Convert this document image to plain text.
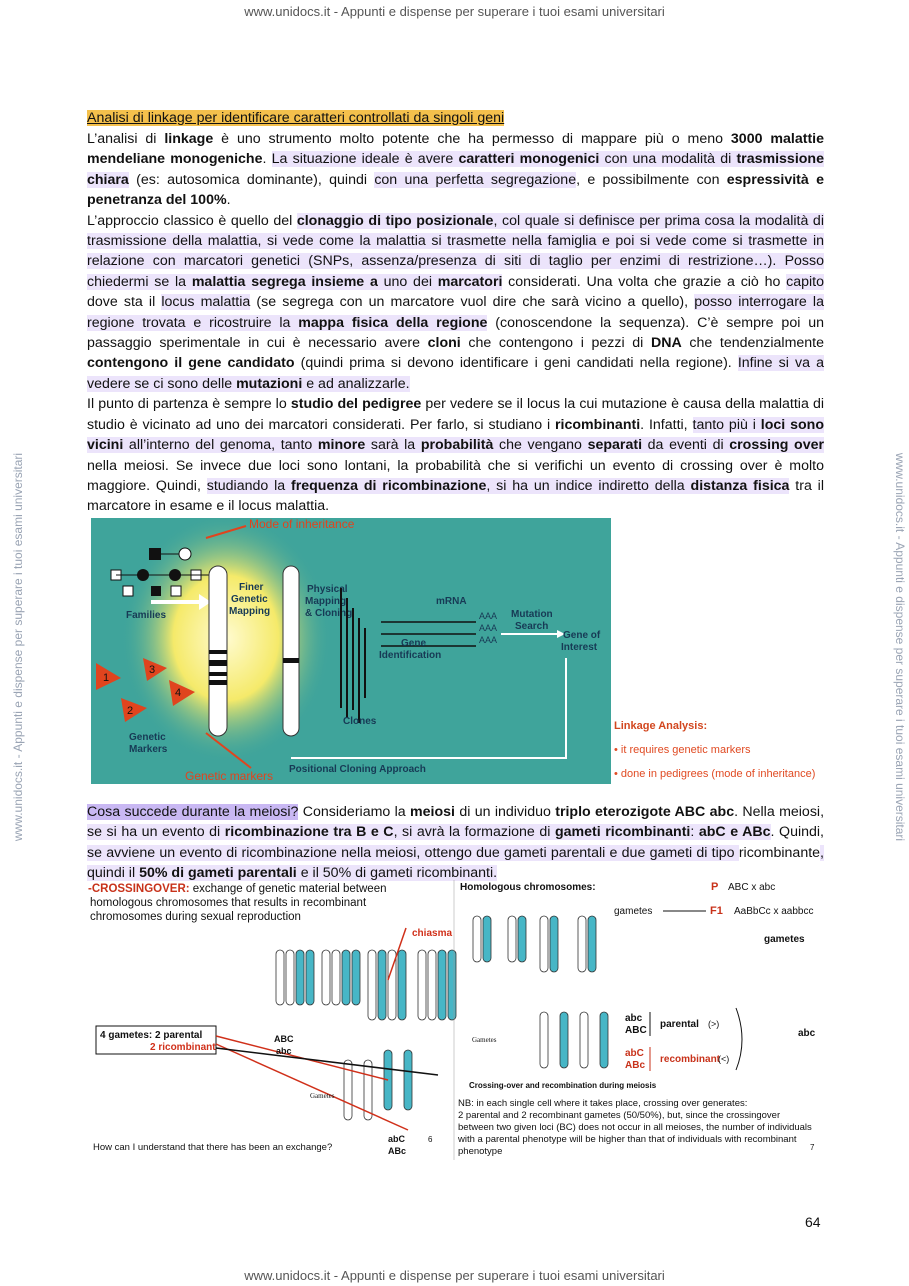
www.unidocs.it - Appunti e dispense per superare i tuoi esami universitari
www.unidocs.it - Appunti e dispense per superare i tuoi esami universitari	www.unidocs.it - Appunti e dispense per superare i tuoi esami universitari
Analisi di linkage per identificare caratteri controllati da singoli geni
L’analisi di linkage è uno strumento molto potente che ha permesso di mappare più o meno 3000 malattie mendeliane monogeniche. La situazione ideale è avere caratteri monogenici con una modalità di trasmissione chiara (es: autosomica dominante), quindi con una perfetta segregazione, e possibilmente con espressività e penetranza del 100%.
L’approccio classico è quello del clonaggio di tipo posizionale, col quale si definisce per prima cosa la modalità di trasmissione della malattia, si vede come la malattia si trasmette nella famiglia e poi si vede come si trasmette in relazione con marcatori genetici (SNPs, assenza/presenza di siti di taglio per enzimi di restrizione…). Posso chiedermi se la malattia segrega insieme a uno dei marcatori considerati. Una volta che grazie a ciò ho capito dove sta il locus malattia (se segrega con un marcatore vuol dire che sarà vicino a quello), posso interrogare la regione trovata e ricostruire la mappa fisica della regione (conoscendone la sequenza). C’è sempre poi un passaggio sperimentale in cui è necessario avere cloni che contengono i pezzi di DNA che tendenzialmente contengono il gene candidato (quindi prima si devono identificare i geni candidati nella regione). Infine si va a vedere se ci sono delle mutazioni e ad analizzarle.
Il punto di partenza è sempre lo studio del pedigree per vedere se il locus la cui mutazione è causa della malattia di studio è vicinato ad uno dei marcatori considerati. Per farlo, si studiano i ricombinanti. Infatti, tanto più i loci sono vicini all’interno del genoma, tanto minore sarà la probabilità che vengano separati da eventi di crossing over nella meiosi. Se invece due loci sono lontani, la probabilità che si verifichi un evento di crossing over è molto maggiore. Quindi, studiando la frequenza di ricombinazione, si ha un indice indiretto della distanza fisica tra il marcatore in esame e il locus malattia.
Mode of inheritance
Families
Finer
Genetic
Mapping
Physical
Mapping
& Cloning
Clones
mRNA
AAA
AAA
AAA
Mutation
Search
Gene of
Interest
Gene
Identification
1
3
2
4
Genetic
Markers
Genetic markers Positional Cloning Approach
Linkage Analysis:
• it requires genetic markers
• done in pedigrees (mode of inheritance)
Cosa succede durante la meiosi? Consideriamo la meiosi di un individuo triplo eterozigote ABC abc. Nella meiosi, se si ha un evento di ricombinazione tra B e C, si avrà la formazione di gameti ricombinanti: abC e ABc. Quindi, se avviene un evento di ricombinazione nella meiosi, ottengo due gameti parentali e due gameti di tipo ricombinante, quindi il 50% di gameti parentali e il 50% di gameti ricombinanti.
-CROSSINGOVER: exchange of genetic material between
homologous chromosomes that results in recombinant
chromosomes during sexual reproduction
chiasma
4 gametes: 2 parental
2 ricombinant
ABC
abc
Gametes
abC
ABc
6
How can I understand that there has been an exchange?
Homologous chromosomes:
Gametes
Crossing-over and recombination during meiosis
P ABC x abc
F1 AaBbCc x aabbcc
gametes
gametes
abc
ABC
parental (>)
abC
ABc
recombinant
(<)
abc
NB: in each single cell where it takes place, crossing over generates:
2 parental and 2 recombinant gametes (50/50%), but, since the crossingover
between two given loci (BC) does not occur in all meioses, the number of individuals
with a parental phenotype will be higher than that of individuals with recombinant
phenotype	7
64
www.unidocs.it - Appunti e dispense per superare i tuoi esami universitari
